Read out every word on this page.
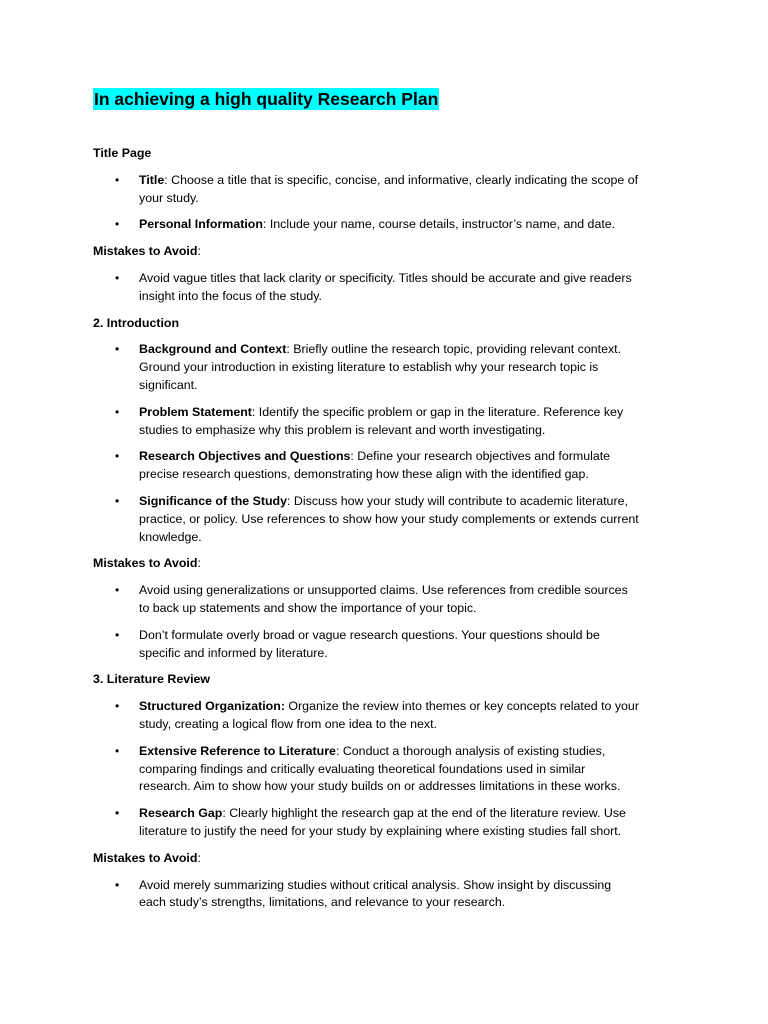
In achieving a high quality Research Plan
Title Page
• Title: Choose a title that is specific, concise, and informative, clearly indicating the scope of your study.
• Personal Information: Include your name, course details, instructor’s name, and date.
Mistakes to Avoid:
• Avoid vague titles that lack clarity or specificity. Titles should be accurate and give readers insight into the focus of the study.
2. Introduction
• Background and Context: Briefly outline the research topic, providing relevant context. Ground your introduction in existing literature to establish why your research topic is significant.
• Problem Statement: Identify the specific problem or gap in the literature. Reference key studies to emphasize why this problem is relevant and worth investigating.
• Research Objectives and Questions: Define your research objectives and formulate precise research questions, demonstrating how these align with the identified gap.
• Significance of the Study: Discuss how your study will contribute to academic literature, practice, or policy. Use references to show how your study complements or extends current knowledge.
Mistakes to Avoid:
• Avoid using generalizations or unsupported claims. Use references from credible sources to back up statements and show the importance of your topic.
• Don’t formulate overly broad or vague research questions. Your questions should be specific and informed by literature.
3. Literature Review
• Structured Organization: Organize the review into themes or key concepts related to your study, creating a logical flow from one idea to the next.
• Extensive Reference to Literature: Conduct a thorough analysis of existing studies, comparing findings and critically evaluating theoretical foundations used in similar research. Aim to show how your study builds on or addresses limitations in these works.
• Research Gap: Clearly highlight the research gap at the end of the literature review. Use literature to justify the need for your study by explaining where existing studies fall short.
Mistakes to Avoid:
• Avoid merely summarizing studies without critical analysis. Show insight by discussing each study’s strengths, limitations, and relevance to your research.
